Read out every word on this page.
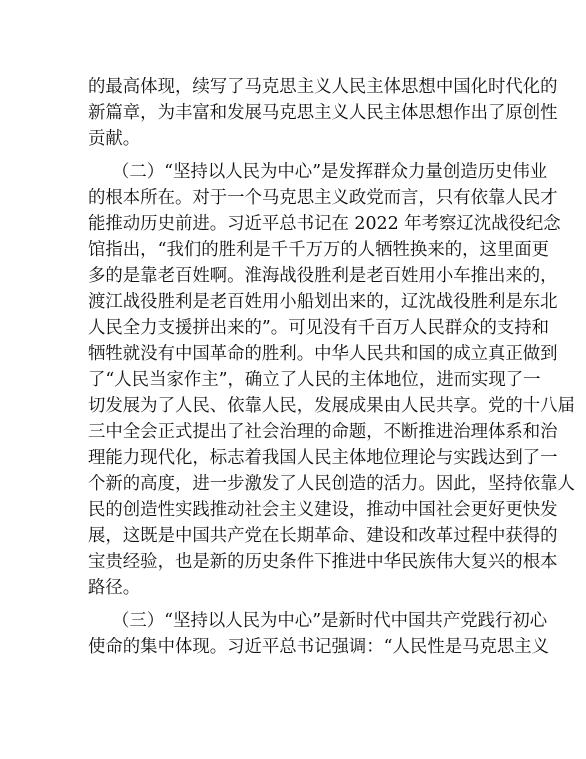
的最高体现，续写了马克思主义人民主体思想中国化时代化的
新篇章，为丰富和发展马克思主义人民主体思想作出了原创性
贡献。
（二）“坚持以人民为中心”是发挥群众力量创造历史伟业
的根本所在。对于一个马克思主义政党而言，只有依靠人民才
能推动历史前进。习近平总书记在 2022 年考察辽沈战役纪念
馆指出，“我们的胜利是千千万万的人牺牲换来的，这里面更
多的是靠老百姓啊。淮海战役胜利是老百姓用小车推出来的，
渡江战役胜利是老百姓用小船划出来的，辽沈战役胜利是东北
人民全力支援拼出来的”。可见没有千百万人民群众的支持和
牺牲就没有中国革命的胜利。中华人民共和国的成立真正做到
了“人民当家作主”，确立了人民的主体地位，进而实现了一
切发展为了人民、依靠人民，发展成果由人民共享。党的十八届
三中全会正式提出了社会治理的命题，不断推进治理体系和治
理能力现代化，标志着我国人民主体地位理论与实践达到了一
个新的高度，进一步激发了人民创造的活力。因此，坚持依靠人
民的创造性实践推动社会主义建设，推动中国社会更好更快发
展，这既是中国共产党在长期革命、建设和改革过程中获得的
宝贵经验，也是新的历史条件下推进中华民族伟大复兴的根本
路径。
（三）“坚持以人民为中心”是新时代中国共产党践行初心
使命的集中体现。习近平总书记强调：“人民性是马克思主义
